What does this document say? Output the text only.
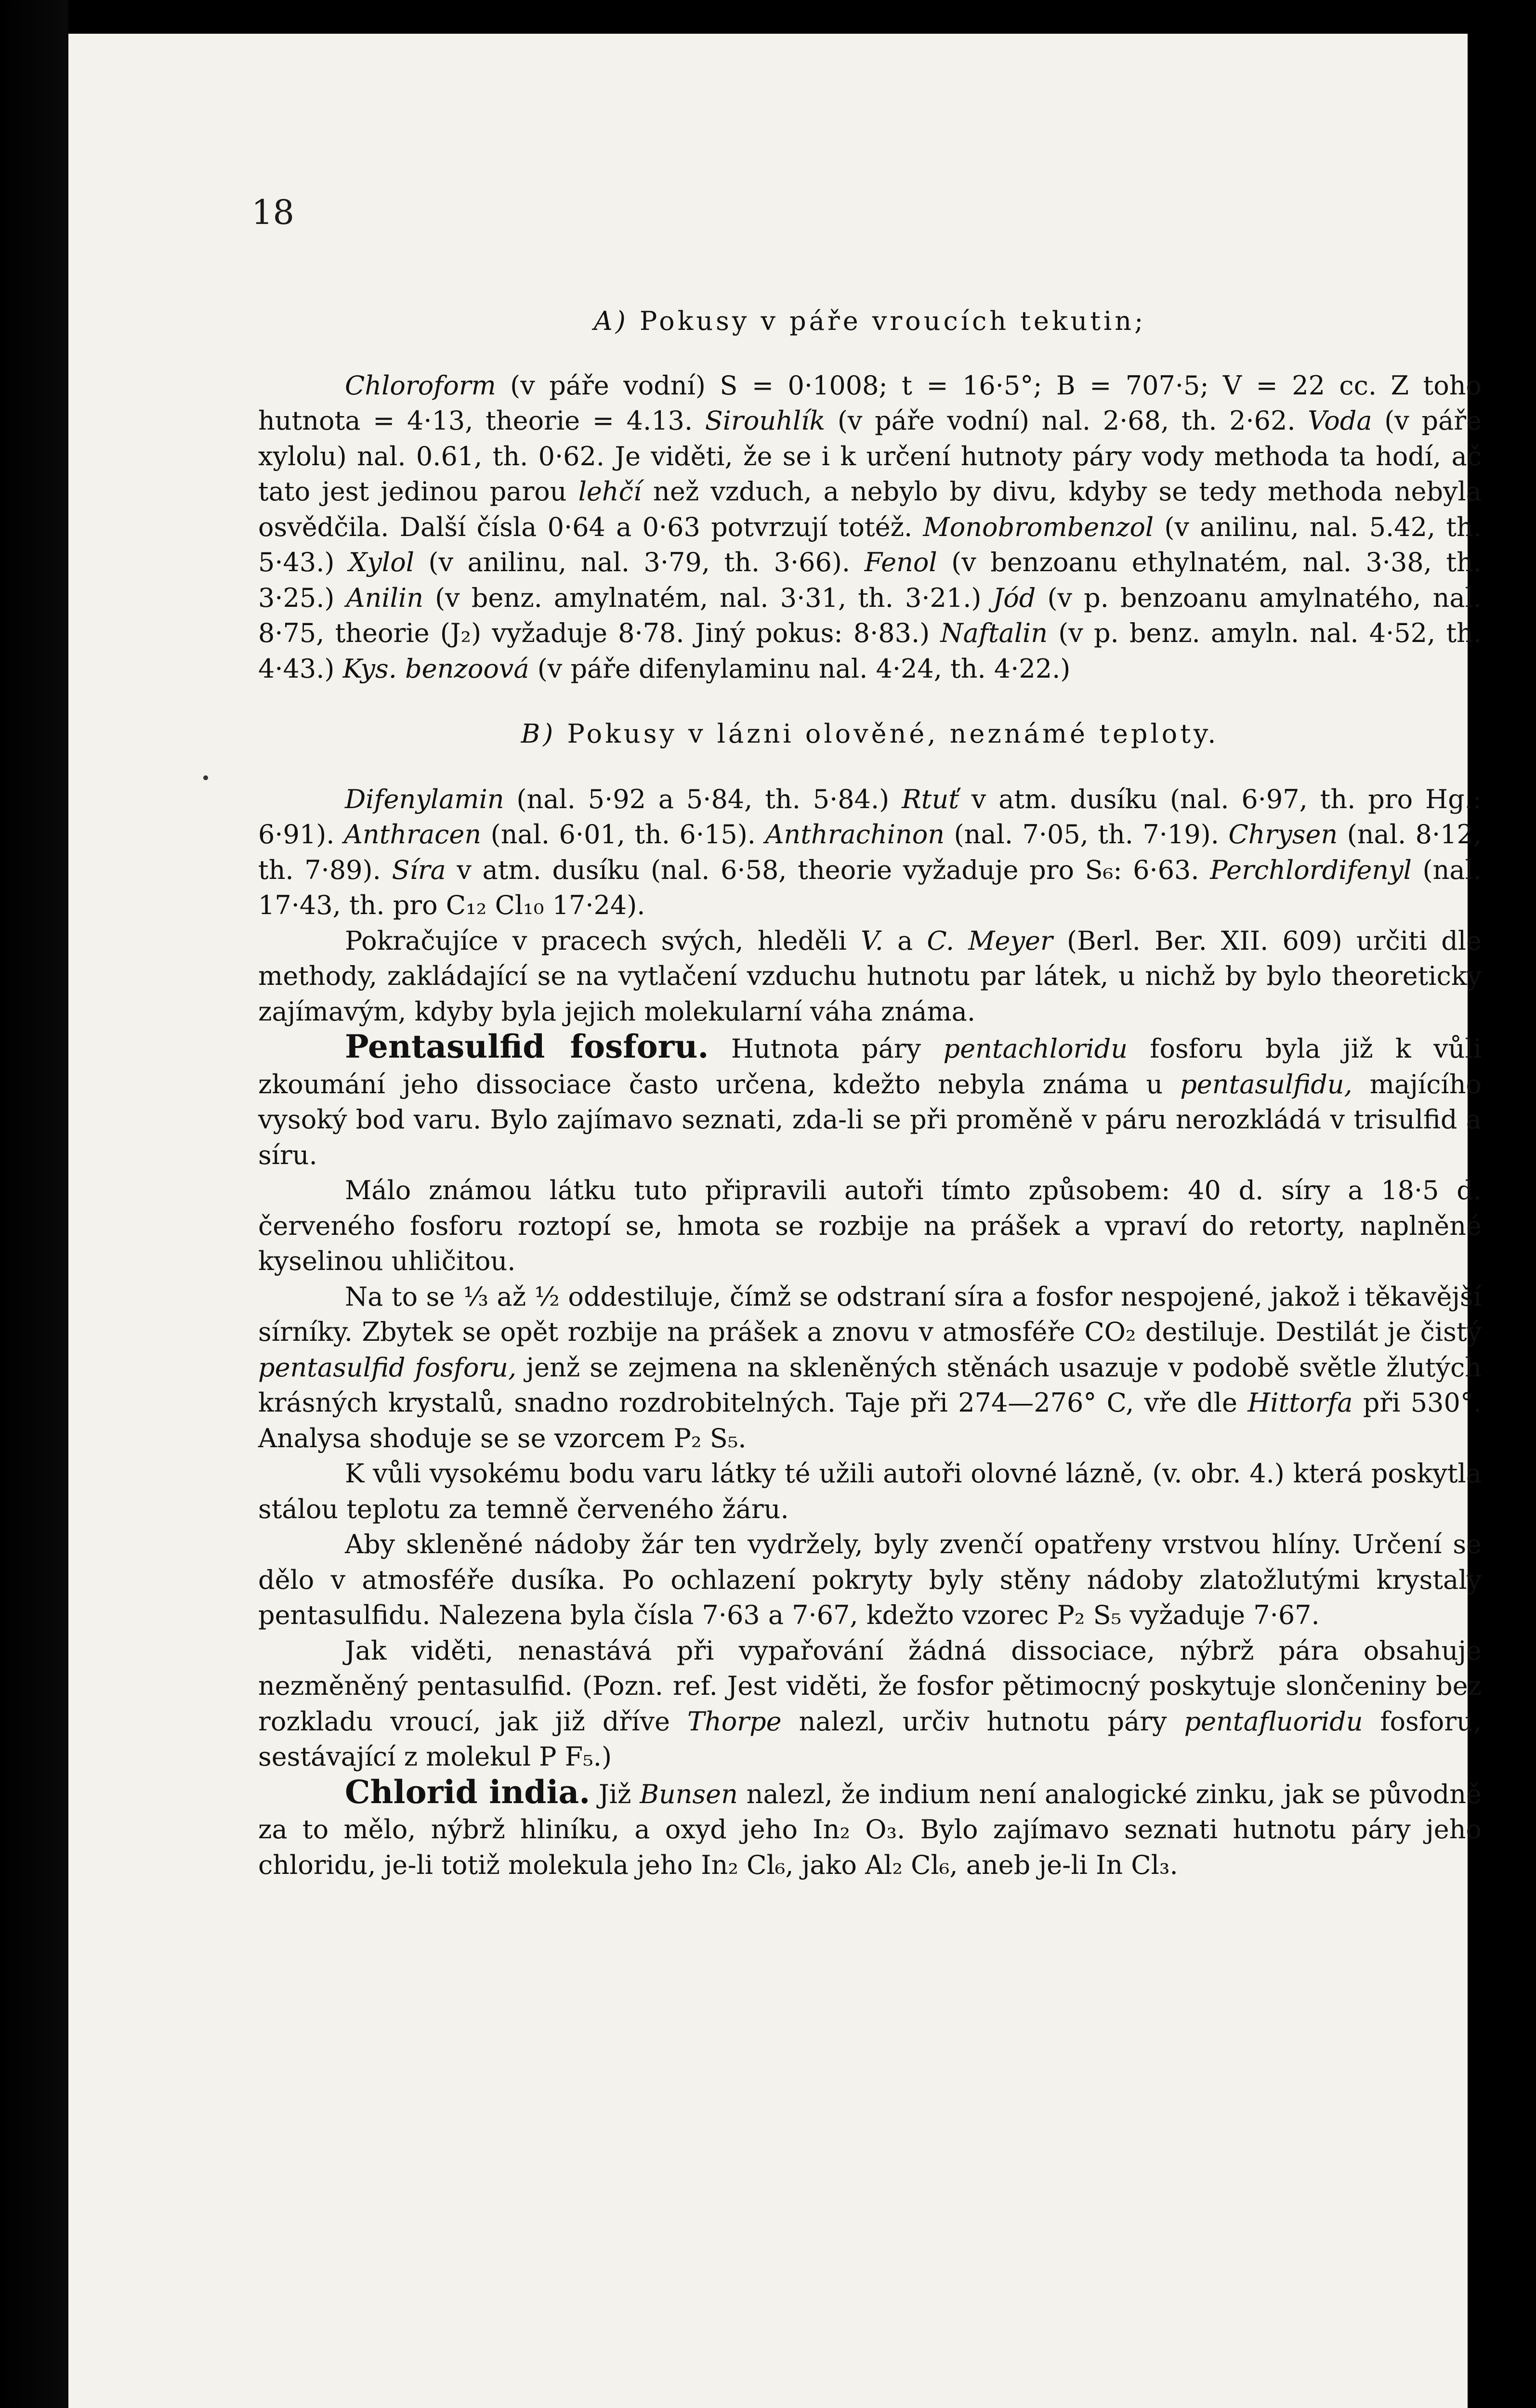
18

A) Pokusy v páře vroucích tekutin;

Chloroform (v páře vodní) S = 0·1008; t = 16·5°; B = 707·5; V = 22 cc. Z toho hutnota = 4·13, theorie = 4.13. Sirouhlík (v páře vodní) nal. 2·68, th. 2·62. Voda (v páře xylolu) nal. 0.61, th. 0·62. Je viděti, že se i k určení hutnoty páry vody methoda ta hodí, ač tato jest jedinou parou lehčí než vzduch, a nebylo by divu, kdyby se tedy methoda nebyla osvědčila. Další čísla 0·64 a 0·63 potvrzují totéž. Monobrombenzol (v anilinu, nal. 5.42, th. 5·43.) Xylol (v anilinu, nal. 3·79, th. 3·66). Fenol (v benzoanu ethylnatém, nal. 3·38, th. 3·25.) Anilin (v benz. amylnatém, nal. 3·31, th. 3·21.) Jód (v p. benzoanu amylnatého, nal. 8·75, theorie (J₂) vyžaduje 8·78. Jiný pokus: 8·83.) Naftalin (v p. benz. amyln. nal. 4·52, th. 4·43.) Kys. benzoová (v páře difenylaminu nal. 4·24, th. 4·22.)

B) Pokusy v lázni olověné, neznámé teploty.

Difenylamin (nal. 5·92 a 5·84, th. 5·84.) Rtuť v atm. dusíku (nal. 6·97, th. pro Hg.: 6·91). Anthracen (nal. 6·01, th. 6·15). Anthrachinon (nal. 7·05, th. 7·19). Chrysen (nal. 8·12, th. 7·89). Síra v atm. dusíku (nal. 6·58, theorie vyžaduje pro S₆: 6·63. Perchlordifenyl (nal. 17·43, th. pro C₁₂ Cl₁₀ 17·24).

Pokračujíce v pracech svých, hleděli V. a C. Meyer (Berl. Ber. XII. 609) určiti dle methody, zakládající se na vytlačení vzduchu hutnotu par látek, u nichž by bylo theoreticky zajímavým, kdyby byla jejich molekularní váha známa.

Pentasulfid fosforu. Hutnota páry pentachloridu fosforu byla již k vůli zkoumání jeho dissociace často určena, kdežto nebyla známa u pentasulfidu, majícího vysoký bod varu. Bylo zajímavo seznati, zda-li se při proměně v páru nerozkládá v trisulfid a síru.

Málo známou látku tuto připravili autoři tímto způsobem: 40 d. síry a 18·5 d. červeného fosforu roztopí se, hmota se rozbije na prášek a vpraví do retorty, naplněné kyselinou uhličitou.

Na to se ⅓ až ½ oddestiluje, čímž se odstraní síra a fosfor nespojené, jakož i těkavější sírníky. Zbytek se opět rozbije na prášek a znovu v atmosféře CO₂ destiluje. Destilát je čistý pentasulfid fosforu, jenž se zejmena na skleněných stěnách usazuje v podobě světle žlutých krásných krystalů, snadno rozdrobitelných. Taje při 274—276° C, vře dle Hittorfa při 530°. Analysa shoduje se se vzorcem P₂ S₅.

K vůli vysokému bodu varu látky té užili autoři olovné lázně, (v. obr. 4.) která poskytla stálou teplotu za temně červeného žáru.

Aby skleněné nádoby žár ten vydržely, byly zvenčí opatřeny vrstvou hlíny. Určení se dělo v atmosféře dusíka. Po ochlazení pokryty byly stěny nádoby zlatožlutými krystaly pentasulfidu. Nalezena byla čísla 7·63 a 7·67, kdežto vzorec P₂ S₅ vyžaduje 7·67.

Jak viděti, nenastává při vypařování žádná dissociace, nýbrž pára obsahuje nezměněný pentasulfid. (Pozn. ref. Jest viděti, že fosfor pětimocný poskytuje slončeniny bez rozkladu vroucí, jak již dříve Thorpe nalezl, určiv hutnotu páry pentafluoridu fosforu, sestávající z molekul P F₅.)

Chlorid india. Již Bunsen nalezl, že indium není analogické zinku, jak se původně za to mělo, nýbrž hliníku, a oxyd jeho In₂ O₃. Bylo zajímavo seznati hutnotu páry jeho chloridu, je-li totiž molekula jeho In₂ Cl₆, jako Al₂ Cl₆, aneb je-li In Cl₃.
